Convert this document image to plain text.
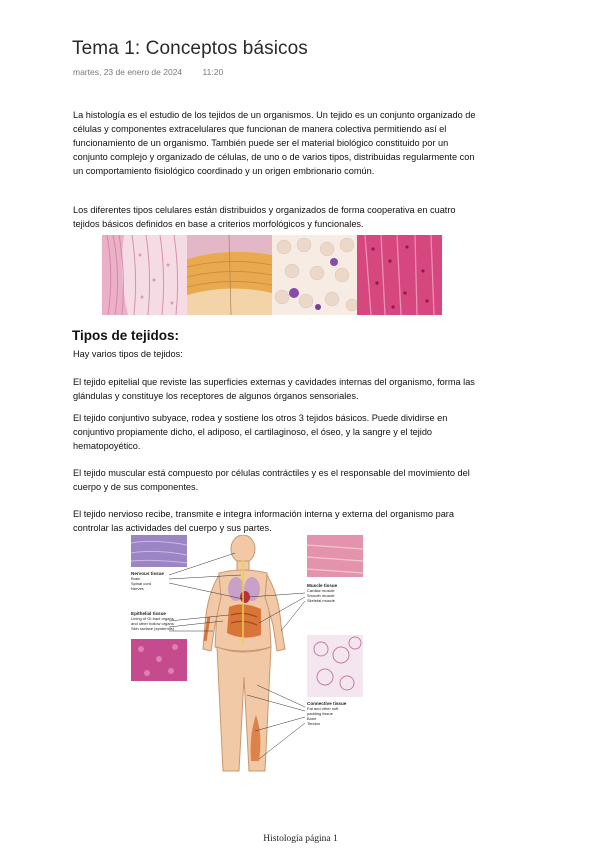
Tema 1: Conceptos básicos
martes, 23 de enero de 2024 11:20
La histología es el estudio de los tejidos de un organismos. Un tejido es un conjunto organizado de células y componentes extracelulares que funcionan de manera colectiva permitiendo así el funcionamiento de un organismo. También puede ser el material biológico constituido por un conjunto complejo y organizado de células, de uno o de varios tipos, distribuidas regularmente con un comportamiento fisiológico coordinado y un origen embrionario común.
Los diferentes tipos celulares están distribuidos y organizados de forma cooperativa en cuatro tejidos básicos definidos en base a criterios morfológicos y funcionales.
Tipos de tejidos:
Hay varios tipos de tejidos:
El tejido epitelial que reviste las superficies externas y cavidades internas del organismo, forma las glándulas y constituye los receptores de algunos órganos sensoriales.
El tejido conjuntivo subyace, rodea y sostiene los otros 3 tejidos básicos. Puede dividirse en conjuntivo propiamente dicho, el adiposo, el cartilaginoso, el óseo, y la sangre y el tejido hematopoyético.
El tejido muscular está compuesto por células contráctiles y es el responsable del movimiento del cuerpo y de sus componentes.
El tejido nervioso recibe, transmite e integra información interna y externa del organismo para controlar las actividades del cuerpo y sus partes.
Nervous tissue
Brain
Spinal cord
Nerves
Epithelial tissue
Lining of GI tract organs
and other hollow organs
Skin surface (epidermis)
Muscle tissue
Cardiac muscle
Smooth muscle
Skeletal muscle
Connective tissue
Fat and other soft
padding tissue
Bone
Tendon
Histología página 1
